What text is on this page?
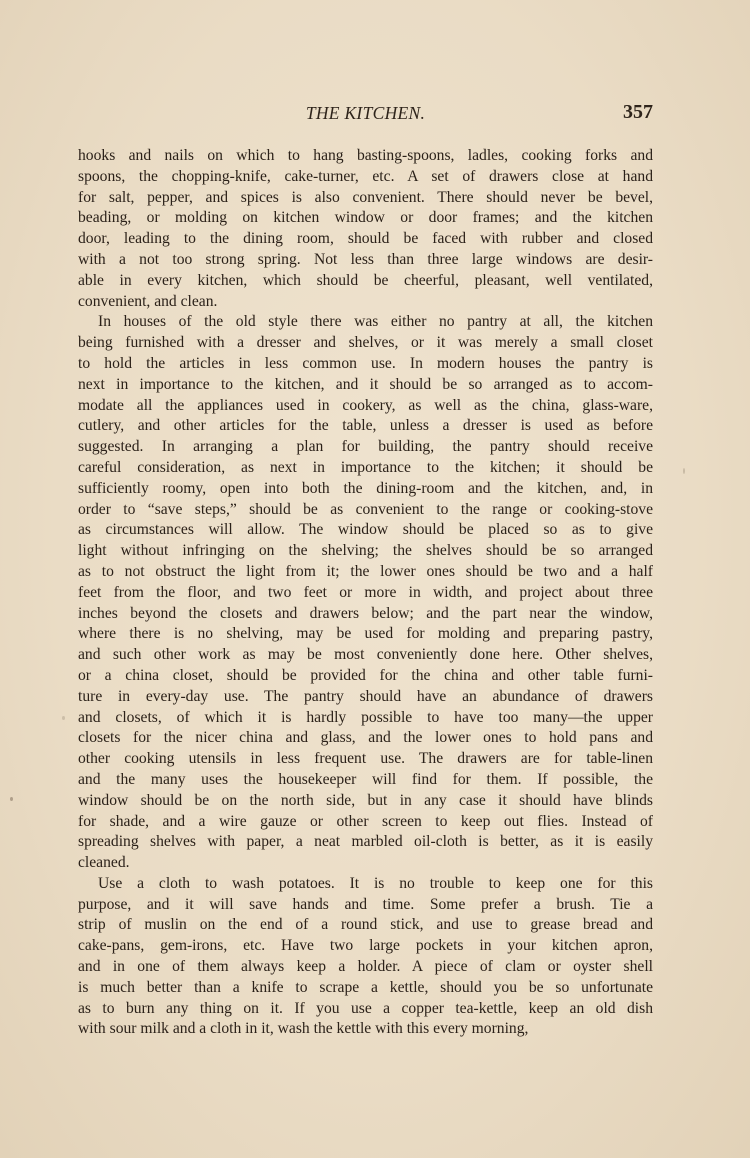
THE KITCHEN.	357

hooks and nails on which to hang basting-spoons, ladles, cooking forks and
spoons, the chopping-knife, cake-turner, etc. A set of drawers close at hand
for salt, pepper, and spices is also convenient. There should never be bevel,
beading, or molding on kitchen window or door frames; and the kitchen
door, leading to the dining room, should be faced with rubber and closed
with a not too strong spring. Not less than three large windows are desir-
able in every kitchen, which should be cheerful, pleasant, well ventilated,
convenient, and clean.

In houses of the old style there was either no pantry at all, the kitchen
being furnished with a dresser and shelves, or it was merely a small closet
to hold the articles in less common use. In modern houses the pantry is
next in importance to the kitchen, and it should be so arranged as to accom-
modate all the appliances used in cookery, as well as the china, glass-ware,
cutlery, and other articles for the table, unless a dresser is used as before
suggested. In arranging a plan for building, the pantry should receive
careful consideration, as next in importance to the kitchen; it should be
sufficiently roomy, open into both the dining-room and the kitchen, and, in
order to “save steps,” should be as convenient to the range or cooking-stove
as circumstances will allow. The window should be placed so as to give
light without infringing on the shelving; the shelves should be so arranged
as to not obstruct the light from it; the lower ones should be two and a half
feet from the floor, and two feet or more in width, and project about three
inches beyond the closets and drawers below; and the part near the window,
where there is no shelving, may be used for molding and preparing pastry,
and such other work as may be most conveniently done here. Other shelves,
or a china closet, should be provided for the china and other table furni-
ture in every-day use. The pantry should have an abundance of drawers
and closets, of which it is hardly possible to have too many—the upper
closets for the nicer china and glass, and the lower ones to hold pans and
other cooking utensils in less frequent use. The drawers are for table-linen
and the many uses the housekeeper will find for them. If possible, the
window should be on the north side, but in any case it should have blinds
for shade, and a wire gauze or other screen to keep out flies. Instead of
spreading shelves with paper, a neat marbled oil-cloth is better, as it is easily
cleaned.

Use a cloth to wash potatoes. It is no trouble to keep one for this
purpose, and it will save hands and time. Some prefer a brush. Tie a
strip of muslin on the end of a round stick, and use to grease bread and
cake-pans, gem-irons, etc. Have two large pockets in your kitchen apron,
and in one of them always keep a holder. A piece of clam or oyster shell
is much better than a knife to scrape a kettle, should you be so unfortunate
as to burn any thing on it. If you use a copper tea-kettle, keep an old dish
with sour milk and a cloth in it, wash the kettle with this every morning,
